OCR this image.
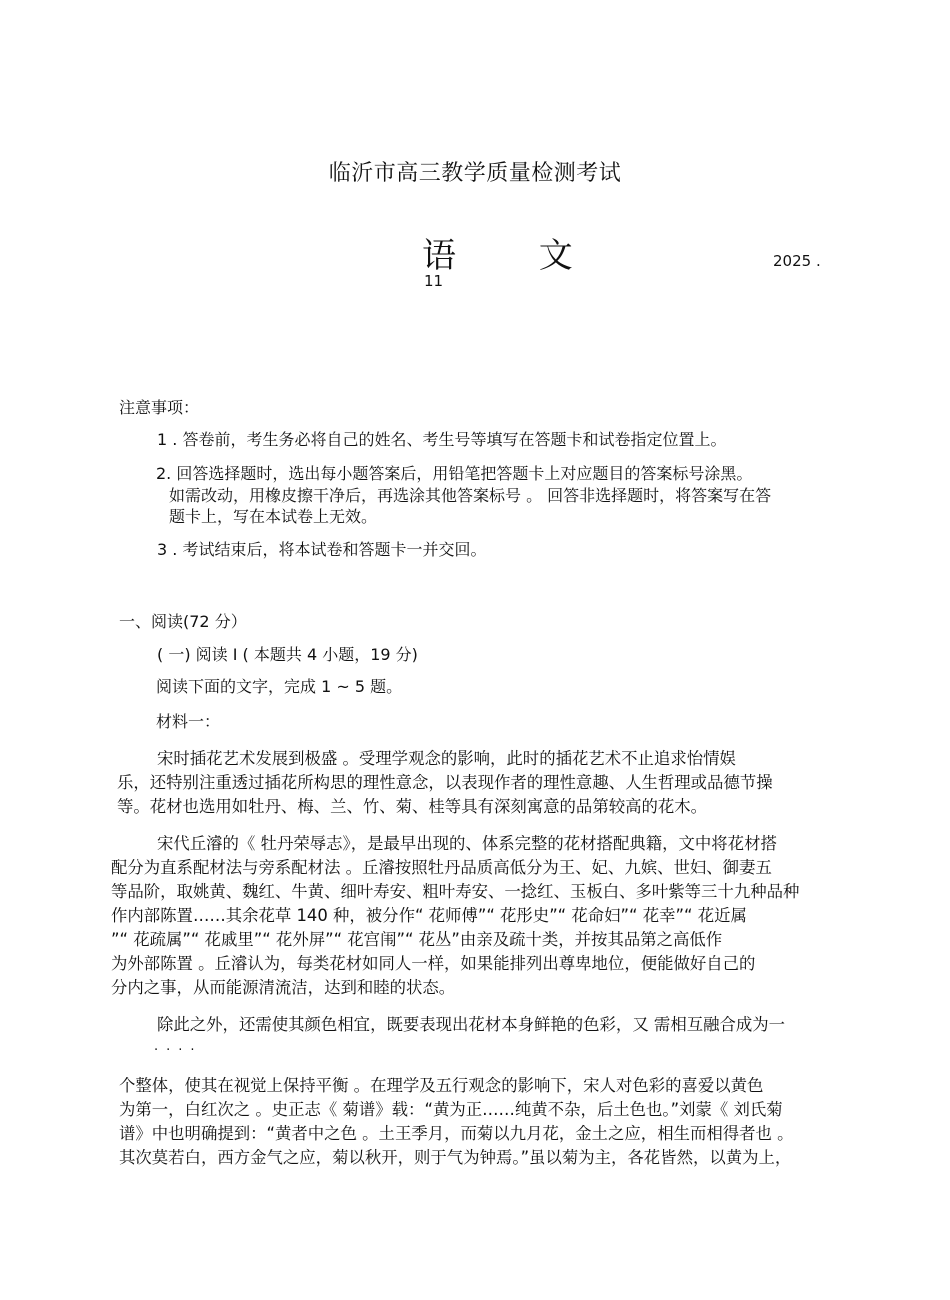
临沂市高三教学质量检测考试
语 文	2025 .
11
注意事项：
1 . 答卷前，考生务必将自己的姓名、考生号等填写在答题卡和试卷指定位置上。
2. 回答选择题时，选出每小题答案后，用铅笔把答题卡上对应题目的答案标号涂黑。
如需改动，用橡皮擦干净后，再选涂其他答案标号 。 回答非选择题时，将答案写在答
题卡上，写在本试卷上无效。
3 . 考试结束后，将本试卷和答题卡一并交回。
一、阅读(72 分）
( 一) 阅读 Ⅰ ( 本题共 4 小题，19 分)
阅读下面的文字，完成 1 ~ 5 题。
材料一：
宋时插花艺术发展到极盛 。受理学观念的影响，此时的插花艺术不止追求怡情娱
乐，还特别注重透过插花所构思的理性意念，以表现作者的理性意趣、人生哲理或品德节操
等。花材也选用如牡丹、梅、兰、竹、菊、桂等具有深刻寓意的品第较高的花木。
宋代丘濬的《 牡丹荣辱志》，是最早出现的、体系完整的花材搭配典籍，文中将花材搭
配分为直系配材法与旁系配材法 。丘濬按照牡丹品质高低分为王、妃、九嫔、世妇、御妻五
等品阶，取姚黄、魏红、牛黄、细叶寿安、粗叶寿安、一捻红、玉板白、多叶紫等三十九种品种
作内部陈置……其余花草 140 种，被分作“ 花师傅”“ 花彤史”“ 花命妇”“ 花幸”“ 花近属
”“ 花疏属”“ 花戚里”“ 花外屏”“ 花宫闱”“ 花丛”由亲及疏十类，并按其品第之高低作
为外部陈置 。丘濬认为，每类花材如同人一样，如果能排列出尊卑地位，便能做好自己的
分内之事，从而能源清流洁，达到和睦的状态。
除此之外，还需使其颜色相宜，既要表现出花材本身鲜艳的色彩，又 需相互融合成为一
····
个整体，使其在视觉上保持平衡 。在理学及五行观念的影响下，宋人对色彩的喜爱以黄色
为第一，白红次之 。史正志《 菊谱》载：“黄为正……纯黄不杂，后土色也。”刘蒙《 刘氏菊
谱》中也明确提到：“黄者中之色 。土王季月，而菊以九月花，金土之应，相生而相得者也 。
其次莫若白，西方金气之应，菊以秋开，则于气为钟焉。”虽以菊为主，各花皆然，以黄为上，
